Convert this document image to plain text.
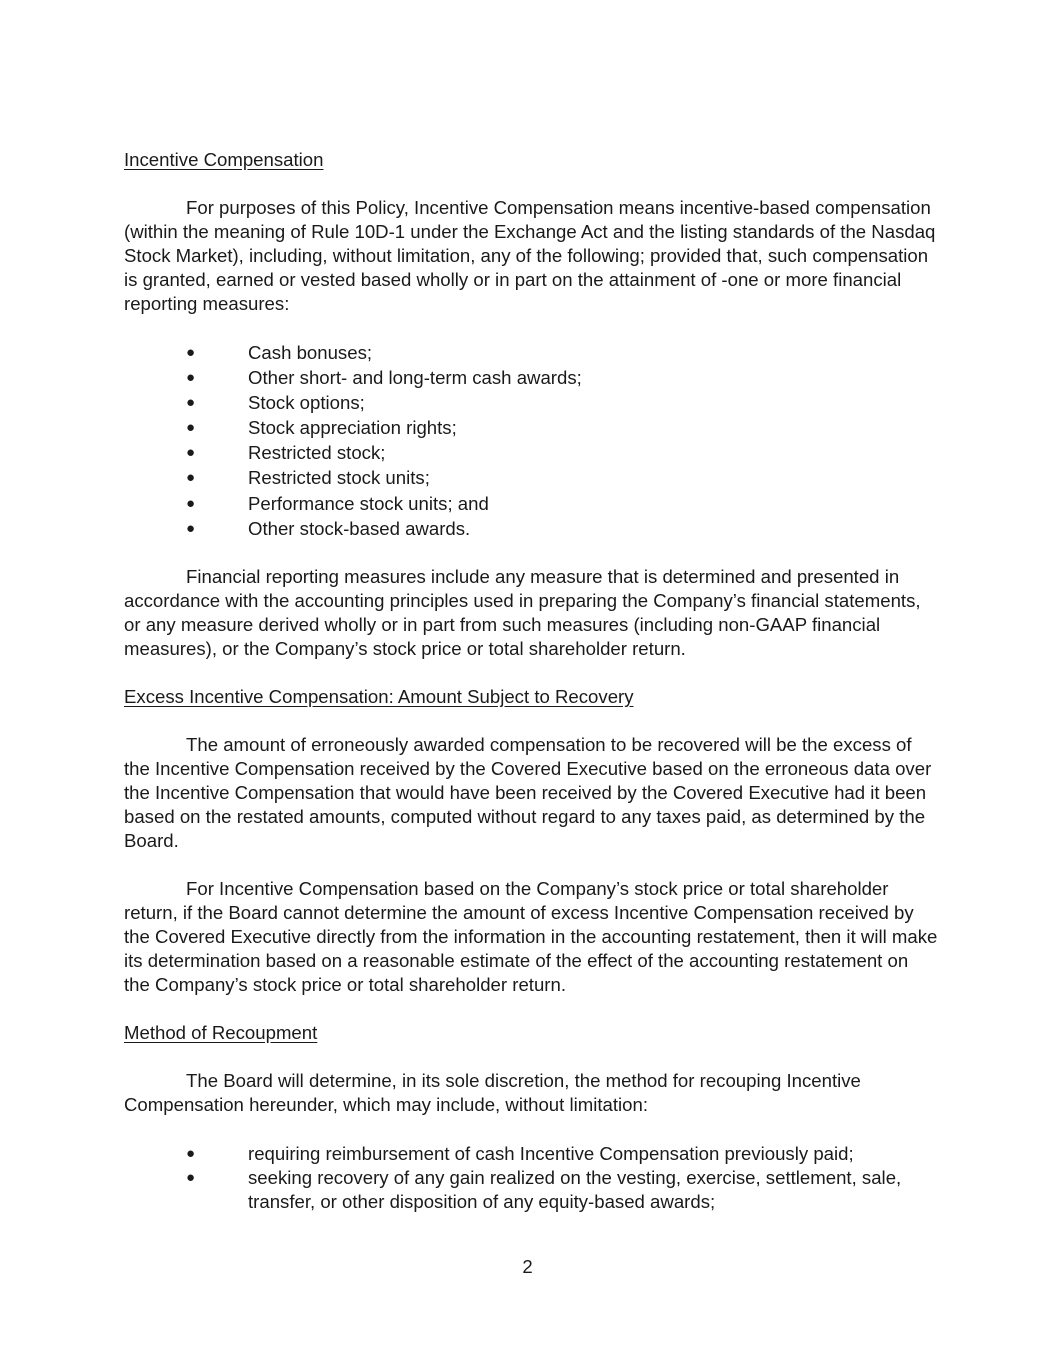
Incentive Compensation

For purposes of this Policy, Incentive Compensation means incentive-based compensation (within the meaning of Rule 10D-1 under the Exchange Act and the listing standards of the Nasdaq Stock Market), including, without limitation, any of the following; provided that, such compensation is granted, earned or vested based wholly or in part on the attainment of -one or more financial reporting measures:

●	Cash bonuses;
●	Other short- and long-term cash awards;
●	Stock options;
●	Stock appreciation rights;
●	Restricted stock;
●	Restricted stock units;
●	Performance stock units; and
●	Other stock-based awards.

Financial reporting measures include any measure that is determined and presented in accordance with the accounting principles used in preparing the Company’s financial statements, or any measure derived wholly or in part from such measures (including non-GAAP financial measures), or the Company’s stock price or total shareholder return.

Excess Incentive Compensation: Amount Subject to Recovery

The amount of erroneously awarded compensation to be recovered will be the excess of the Incentive Compensation received by the Covered Executive based on the erroneous data over the Incentive Compensation that would have been received by the Covered Executive had it been based on the restated amounts, computed without regard to any taxes paid, as determined by the Board.

For Incentive Compensation based on the Company’s stock price or total shareholder return, if the Board cannot determine the amount of excess Incentive Compensation received by the Covered Executive directly from the information in the accounting restatement, then it will make its determination based on a reasonable estimate of the effect of the accounting restatement on the Company’s stock price or total shareholder return.

Method of Recoupment

The Board will determine, in its sole discretion, the method for recouping Incentive Compensation hereunder, which may include, without limitation:

●	requiring reimbursement of cash Incentive Compensation previously paid;
●	seeking recovery of any gain realized on the vesting, exercise, settlement, sale, transfer, or other disposition of any equity-based awards;
2
